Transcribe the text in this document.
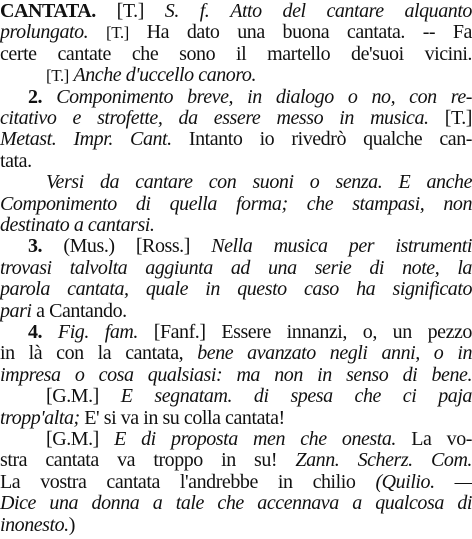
CANTATA. [T.] S. f. Atto del cantare alquanto
prolungato. [T.] Ha dato una buona cantata. -- Fa
certe cantate che sono il martello de'suoi vicini.
[T.] Anche d'uccello canoro.
2. Componimento breve, in dialogo o no, con re-
citativo e strofette, da essere messo in musica. [T.]
Metast. Impr. Cant. Intanto io rivedrò qualche can-
tata.
Versi da cantare con suoni o senza. E anche
Componimento di quella forma; che stampasi, non
destinato a cantarsi.
3. (Mus.) [Ross.] Nella musica per istrumenti
trovasi talvolta aggiunta ad una serie di note, la
parola cantata, quale in questo caso ha significato
pari a Cantando.
4. Fig. fam. [Fanf.] Essere innanzi, o, un pezzo
in là con la cantata, bene avanzato negli anni, o in
impresa o cosa qualsiasi: ma non in senso di bene.
[G.M.] E segnatam. di spesa che ci paja
tropp'alta; E' si va in su colla cantata!
[G.M.] E di proposta men che onesta. La vo-
stra cantata va troppo in su! Zann. Scherz. Com.
La vostra cantata l'andrebbe in chilio (Quilio. —
Dice una donna a tale che accennava a qualcosa di
inonesto.)
